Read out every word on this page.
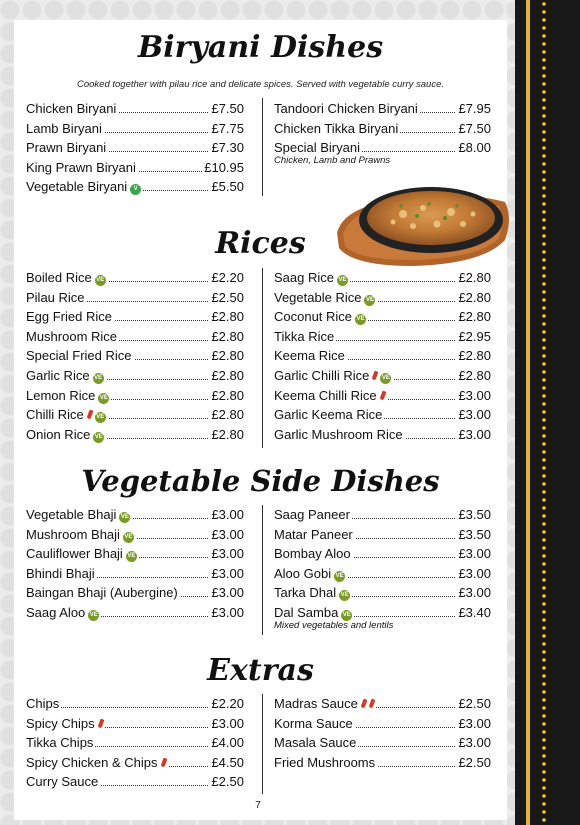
Biryani Dishes
Cooked together with pilau rice and delicate spices. Served with vegetable curry sauce.
Chicken Biryani	£7.50
Lamb Biryani	£7.75
Prawn Biryani	£7.30
King Prawn Biryani	£10.95
Vegetable Biryani V	£5.50
Tandoori Chicken Biryani	£7.95
Chicken Tikka Biryani	£7.50
Special Biryani	£8.00
Chicken, Lamb and Prawns
Rices
Boiled Rice VE	£2.20
Pilau Rice	£2.50
Egg Fried Rice	£2.80
Mushroom Rice	£2.80
Special Fried Rice	£2.80
Garlic Rice VE	£2.80
Lemon Rice VE	£2.80
Chilli Rice VE	£2.80
Onion Rice VE	£2.80
Saag Rice VE	£2.80
Vegetable Rice VE	£2.80
Coconut Rice VE	£2.80
Tikka Rice	£2.95
Keema Rice	£2.80
Garlic Chilli Rice VE	£2.80
Keema Chilli Rice	£3.00
Garlic Keema Rice	£3.00
Garlic Mushroom Rice	£3.00
Vegetable Side Dishes
Vegetable Bhaji VE	£3.00
Mushroom Bhaji VE	£3.00
Cauliflower Bhaji VE	£3.00
Bhindi Bhaji	£3.00
Baingan Bhaji (Aubergine)	£3.00
Saag Aloo VE	£3.00
Saag Paneer	£3.50
Matar Paneer	£3.50
Bombay Aloo	£3.00
Aloo Gobi VE	£3.00
Tarka Dhal VE	£3.00
Dal Samba VE	£3.40
Mixed vegetables and lentils
Extras
Chips	£2.20
Spicy Chips	£3.00
Tikka Chips	£4.00
Spicy Chicken & Chips	£4.50
Curry Sauce	£2.50
Madras Sauce	£2.50
Korma Sauce	£3.00
Masala Sauce	£3.00
Fried Mushrooms	£2.50
7
